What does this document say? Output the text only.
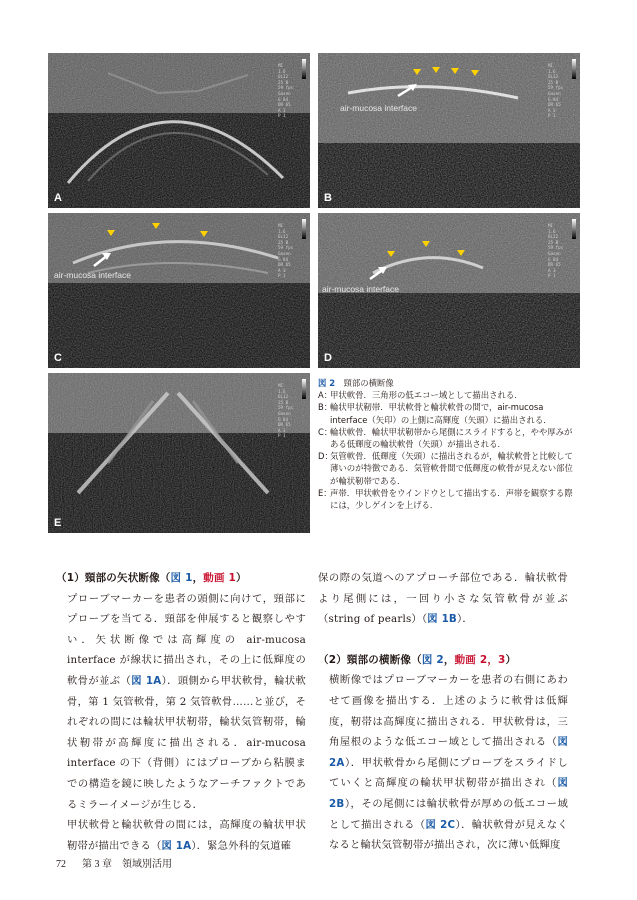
MI
1.6
6L12
25 B
59 fps
Gasen
G 84
DR 65
A 3
P 1
A
air-mucosa interface
MI
1.6
6L12
25 B
59 fps
Gasen
G 84
DR 65
A 3
P 1
B
air-mucosa interface
MI
1.6
6L12
25 B
59 fps
Gasen
G 84
DR 65
A 3
P 1
C
air-mucosa interface
MI
1.6
6L12
25 B
59 fps
Gasen
G 84
DR 65
A 3
P 1
D
MI
1.6
6L12
25 B
59 fps
Gasen
G 84
DR 65
A 3
P 1
E
図 2　 頸部の横断像
A：
甲状軟骨．三角形の低エコー域として描出される．
B：
輪状甲状靭帯．甲状軟骨と輪状軟骨の間で，air-mucosa interface（矢印）の上側に高輝度（矢頭）に描出される．
C：
輪状軟骨．輪状甲状靭帯から尾側にスライドすると，やや厚みがある低輝度の輪状軟骨（矢頭）が描出される．
D：
気管軟骨．低輝度（矢頭）に描出されるが，輪状軟骨と比較して薄いのが特徴である．気管軟骨間で低輝度の軟骨が見えない部位が輪状靭帯である．
E：
声帯．甲状軟骨をウインドウとして描出する．声帯を観察する際には，少しゲインを上げる．
（1）頸部の矢状断像（図 1，動画 1）

プローブマーカーを患者の頭側に向けて，頸部にプローブを当てる．頸部を伸展すると観察しやすい．矢状断像では高輝度の air-mucosa interface が線状に描出され，その上に低輝度の軟骨が並ぶ（図 1A）．頭側から甲状軟骨，輪状軟骨，第 1 気管軟骨，第 2 気管軟骨……と並び，それぞれの間には輪状甲状靭帯，輪状気管靭帯，輪状靭帯が高輝度に描出される．air-mucosa interface の下（背側）にはプローブから粘膜までの構造を鏡に映したようなアーチファクトであるミラーイメージが生じる．

甲状軟骨と輪状軟骨の間には，高輝度の輪状甲状靭帯が描出できる（図 1A）．緊急外科的気道確

保の際の気道へのアプローチ部位である．輪状軟骨より尾側には，一回り小さな気管軟骨が並ぶ（string of pearls）（図 1B）．

（2）頸部の横断像（図 2，動画 2，3）

横断像ではプローブマーカーを患者の右側にあわせて画像を描出する．上述のように軟骨は低輝度，靭帯は高輝度に描出される．甲状軟骨は，三角屋根のような低エコー域として描出される（図 2A）．甲状軟骨から尾側にプローブをスライドしていくと高輝度の輪状甲状靭帯が描出され（図 2B），その尾側には輪状軟骨が厚めの低エコー域として描出される（図 2C）．輪状軟骨が見えなくなると輪状気管靭帯が描出され，次に薄い低輝度

72 第 3 章　領域別活用
